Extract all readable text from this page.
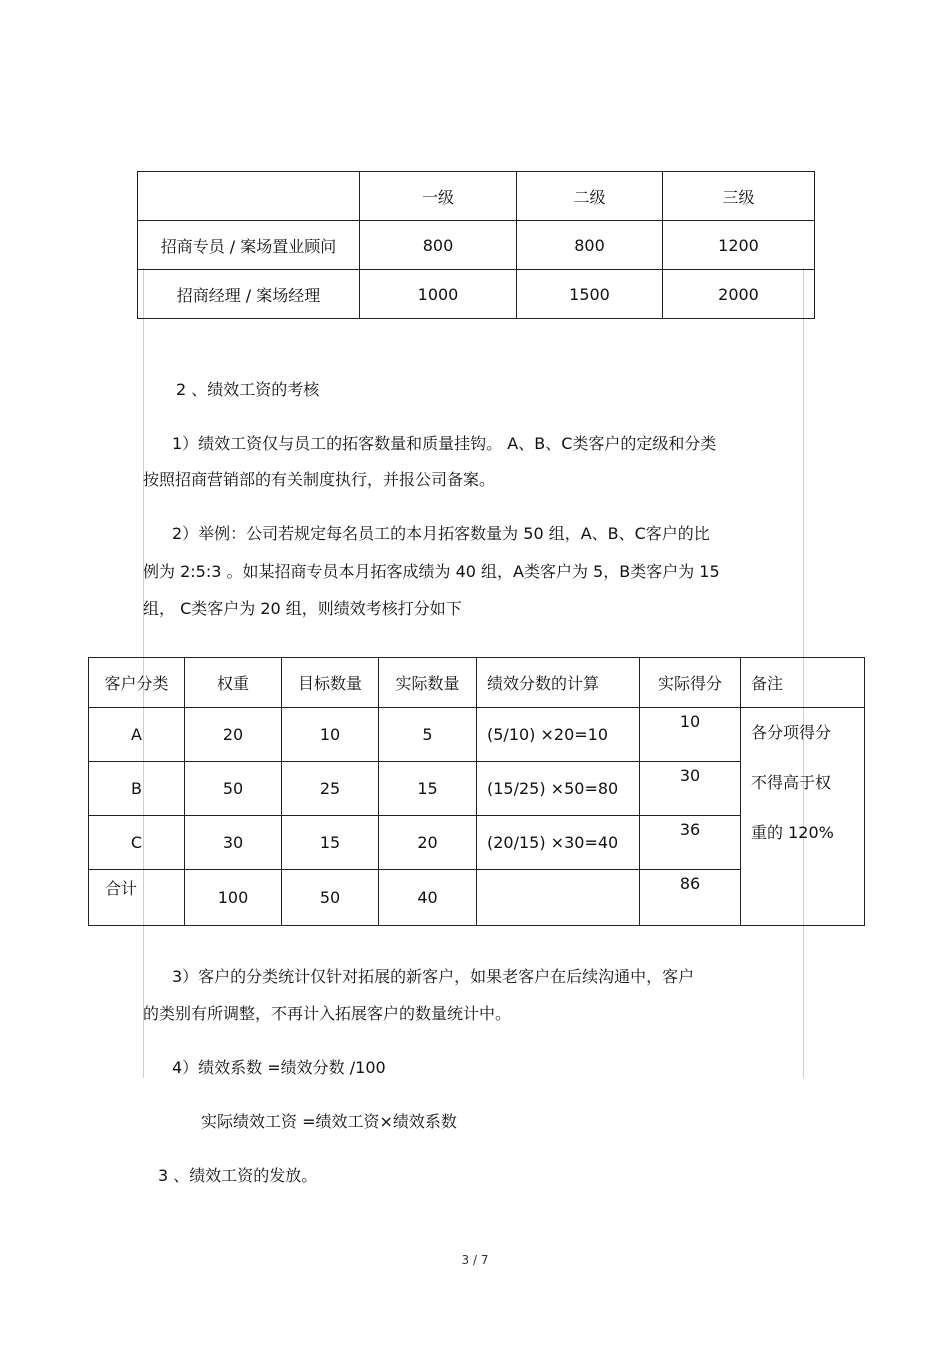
	一级	二级	三级
招商专员 / 案场置业顾问	800	800	1200
招商经理 / 案场经理	1000	1500	2000
2 、绩效工资的考核
1）绩效工资仅与员工的拓客数量和质量挂钩。 A、B、C类客户的定级和分类
按照招商营销部的有关制度执行，并报公司备案。
2）举例：公司若规定每名员工的本月拓客数量为 50 组，A、B、C客户的比
例为 2:5:3 。如某招商专员本月拓客成绩为 40 组，A类客户为 5，B类客户为 15
组， C类客户为 20 组，则绩效考核打分如下
客户分类	权重	目标数量	实际数量	绩效分数的计算	实际得分	备注
A	20	10	5	(5/10) ×20=10	10	各分项得分
不得高于权
重的 120%

B	50	25	15	(15/25) ×50=80	30	
C	30	15	20	(20/15) ×30=40	36	
合计	100	50	40		86	
3）客户的分类统计仅针对拓展的新客户，如果老客户在后续沟通中，客户
的类别有所调整，不再计入拓展客户的数量统计中。
4）绩效系数 =绩效分数 /100
实际绩效工资 =绩效工资×绩效系数
3 、绩效工资的发放。
3 / 7
